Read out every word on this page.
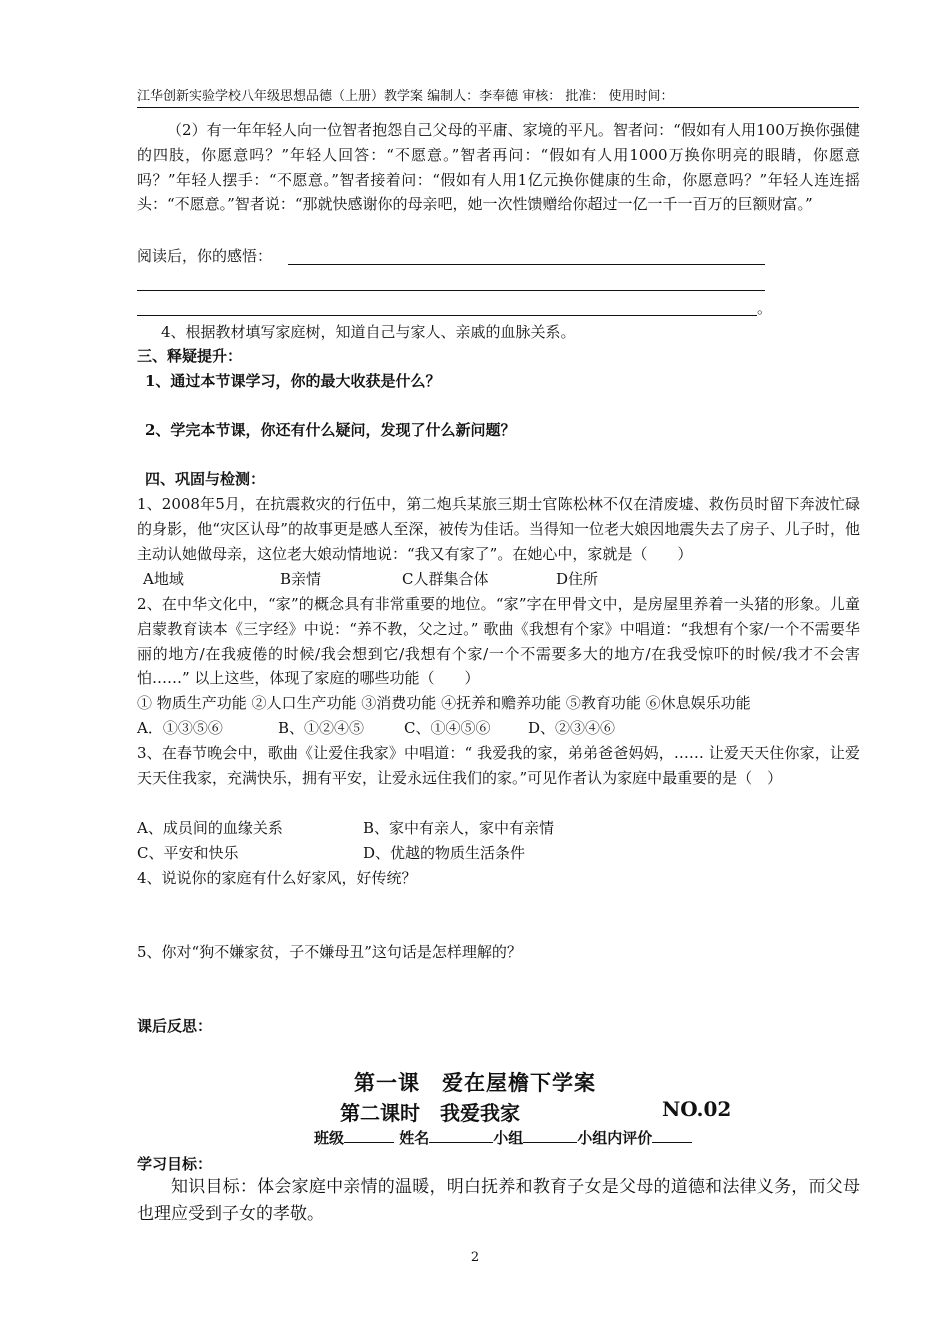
江华创新实验学校八年级思想品德（上册）教学案 编制人：李奉德 审核： 批准： 使用时间：

（2）有一年年轻人向一位智者抱怨自己父母的平庸、家境的平凡。智者问：“假如有人用100万换你强健的四肢，你愿意吗？”年轻人回答：“不愿意。”智者再问：“假如有人用1000万换你明亮的眼睛，你愿意吗？”年轻人摆手：“不愿意。”智者接着问：“假如有人用1亿元换你健康的生命，你愿意吗？”年轻人连连摇头：“不愿意。”智者说：“那就快感谢你的母亲吧，她一次性馈赠给你超过一亿一千一百万的巨额财富。”

阅读后，你的感悟：
。
4、根据教材填写家庭树，知道自己与家人、亲戚的血脉关系。
三、释疑提升：
1、通过本节课学习，你的最大收获是什么？
2、学完本节课，你还有什么疑问，发现了什么新问题？
四、巩固与检测：

1、2008年5月，在抗震救灾的行伍中，第二炮兵某旅三期士官陈松林不仅在清废墟、救伤员时留下奔波忙碌的身影，他“灾区认母”的故事更是感人至深，被传为佳话。当得知一位老大娘因地震失去了房子、儿子时，他主动认她做母亲，这位老大娘动情地说：“我又有家了”。在她心中，家就是（　　）

A地域	B亲情	C人群集合体	D住所

2、在中华文化中，“家”的概念具有非常重要的地位。“家”字在甲骨文中，是房屋里养着一头猪的形象。儿童启蒙教育读本《三字经》中说：“养不教，父之过。” 歌曲《我想有个家》中唱道：“我想有个家/一个不需要华丽的地方/在我疲倦的时候/我会想到它/我想有个家/一个不需要多大的地方/在我受惊吓的时候/我才不会害怕……” 以上这些，体现了家庭的哪些功能（　　）

① 物质生产功能 ②人口生产功能 ③消费功能 ④抚养和赡养功能 ⑤教育功能 ⑥休息娱乐功能
A．①③⑤⑥	B、①②④⑤	C、①④⑤⑥	D、②③④⑥

3、在春节晚会中，歌曲《让爱住我家》中唱道：“ 我爱我的家，弟弟爸爸妈妈，…… 让爱天天住你家，让爱天天住我家，充满快乐，拥有平安，让爱永远住我们的家。”可见作者认为家庭中最重要的是（　）

A、成员间的血缘关系	B、家中有亲人，家中有亲情
C、平安和快乐	D、优越的物质生活条件
4、说说你的家庭有什么好家风，好传统？
5、你对“狗不嫌家贫，子不嫌母丑”这句话是怎样理解的？
课后反思：
第一课　爱在屋檐下学案
第二课时　我爱我家	NO.02
班级	姓名	小组	小组内评价
学习目标：

知识目标：体会家庭中亲情的温暖，明白抚养和教育子女是父母的道德和法律义务，而父母也理应受到子女的孝敬。

2
